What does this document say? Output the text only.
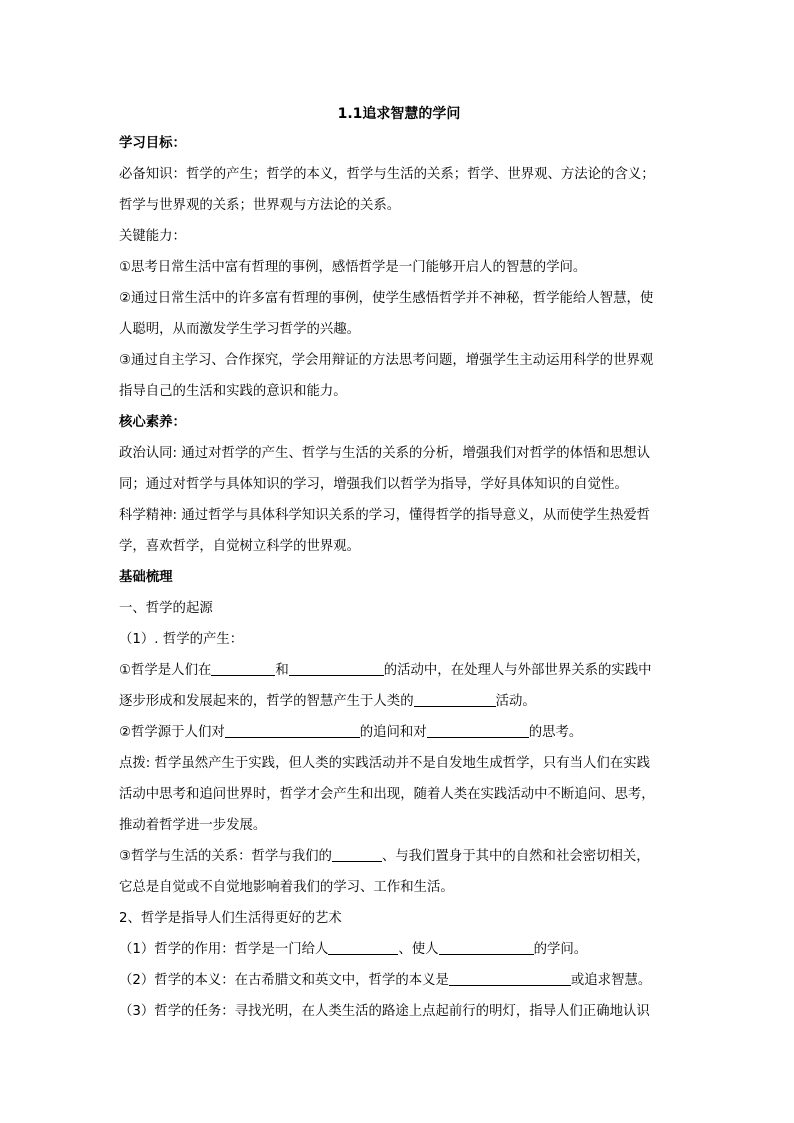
1.1追求智慧的学问

学习目标：

必备知识：哲学的产生；哲学的本义，哲学与生活的关系；哲学、世界观、方法论的含义；

哲学与世界观的关系；世界观与方法论的关系。

关键能力：

①思考日常生活中富有哲理的事例，感悟哲学是一门能够开启人的智慧的学问。

②通过日常生活中的许多富有哲理的事例，使学生感悟哲学并不神秘，哲学能给人智慧，使

人聪明，从而激发学生学习哲学的兴趣。

③通过自主学习、合作探究，学会用辩证的方法思考问题，增强学生主动运用科学的世界观

指导自己的生活和实践的意识和能力。

核心素养：

政治认同: 通过对哲学的产生、哲学与生活的关系的分析，增强我们对哲学的体悟和思想认

同；通过对哲学与具体知识的学习，增强我们以哲学为指导，学好具体知识的自觉性。

科学精神: 通过哲学与具体科学知识关系的学习，懂得哲学的指导意义，从而使学生热爱哲

学，喜欢哲学，自觉树立科学的世界观。

基础梳理

一、哲学的起源

（1）. 哲学的产生：

①哲学是人们在	和	的活动中，在处理人与外部世界关系的实践中

逐步形成和发展起来的，哲学的智慧产生于人类的	活动。

②哲学源于人们对	的追问和对	的思考。

点拨: 哲学虽然产生于实践，但人类的实践活动并不是自发地生成哲学，只有当人们在实践

活动中思考和追问世界时，哲学才会产生和出现，随着人类在实践活动中不断追问、思考，

推动着哲学进一步发展。

③哲学与生活的关系：哲学与我们的	、与我们置身于其中的自然和社会密切相关，

它总是自觉或不自觉地影响着我们的学习、工作和生活。

2、哲学是指导人们生活得更好的艺术

（1）哲学的作用：哲学是一门给人	、使人	的学问。

（2）哲学的本义：在古希腊文和英文中，哲学的本义是	或追求智慧。

（3）哲学的任务：寻找光明，在人类生活的路途上点起前行的明灯，指导人们正确地认识
